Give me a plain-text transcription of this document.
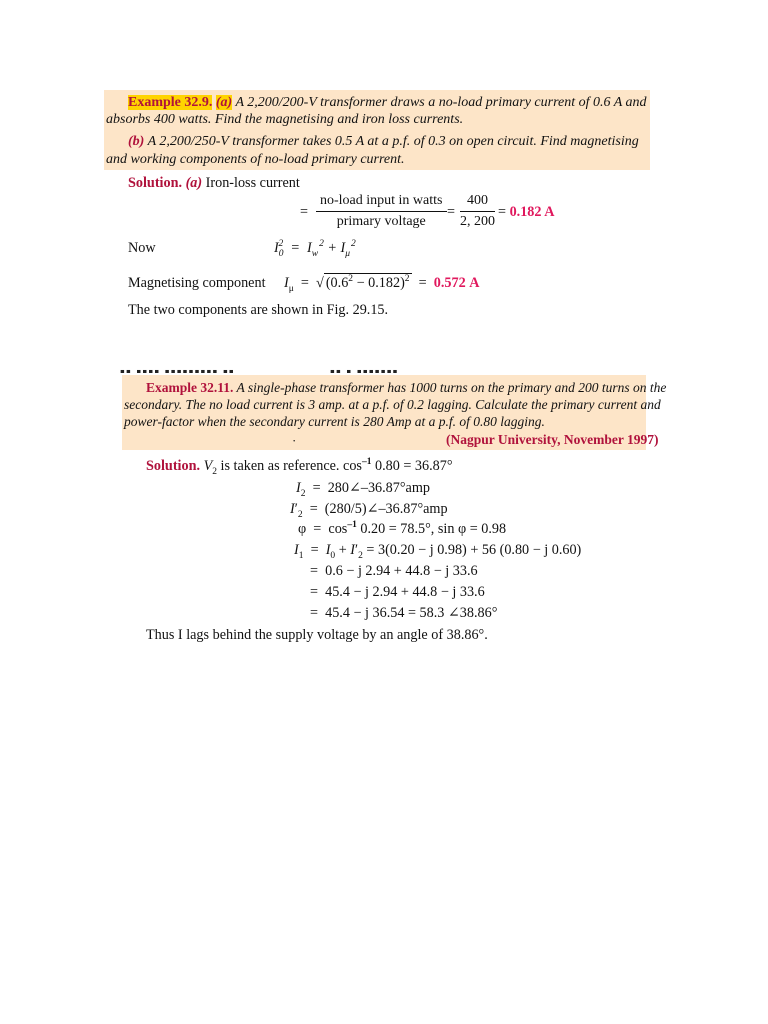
Example 32.9. (a) A 2,200/200-V transformer draws a no-load primary current of 0.6 A and
absorbs 400 watts. Find the magnetising and iron loss currents.
(b) A 2,200/250-V transformer takes 0.5 A at a p.f. of 0.3 on open circuit. Find magnetising
and working components of no-load primary current.
Solution. (a) Iron-loss current
=
no-load input in watts
primary voltage
= $\frac{400}{2, 200} = 0.182$ A
Now	$I_0^2 = I_w^2 + I_\mu^2$
Magnetising component $I_\mu$  =  √ $(0.6^2 - 0.182)^2 = 0.572$ A
The two components are shown in Fig. 29.15.
▪▪ ▪▪▪▪ ▪▪▪▪▪▪▪▪▪ ▪▪	▪▪ ▪ ▪▪▪▪▪▪▪
Example 32.11. A single-phase transformer has 1000 turns on the primary and 200 turns on the
secondary. The no load current is 3 amp. at a p.f. of 0.2 lagging. Calculate the primary current and
power-factor when the secondary current is 280 Amp at a p.f. of 0.80 lagging.
·	(Nagpur University, November 1997)
Solution. $V_2$ is taken as reference. $\cos^{-1} 0.80 = 36.87^\circ$
$I_2$  =  280∠–36.87°amp
$I'_2$  =  (280/5)∠–36.87°amp
$\varphi = \cos^{-1} 0.20 = 78.5^\circ$, sin φ = 0.98
$I_1 = I_0 + I'_2 = 3(0.20 - j$ 0.98) + 56 (0.80 − j 0.60)
=  0.6 − j 2.94 + 44.8 − j 33.6
=  45.4 − j 2.94 + 44.8 − j 33.6
=  45.4 − j 36.54 = 58.3 ∠38.86°
Thus I lags behind the supply voltage by an angle of 38.86°.
